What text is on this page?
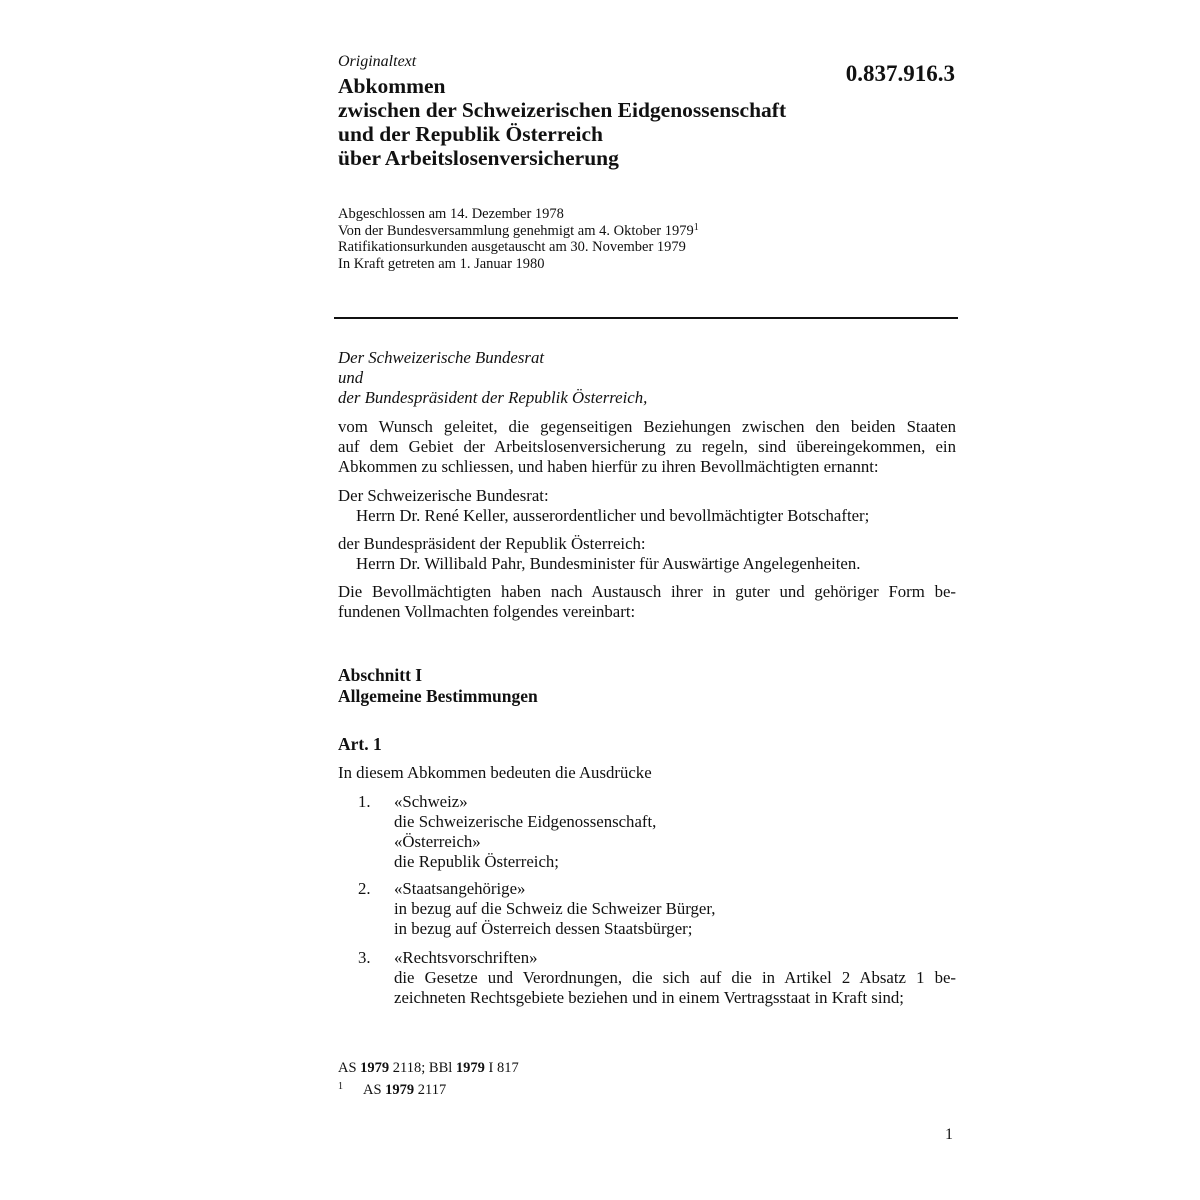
Originaltext	0.837.916.3

Abkommen
zwischen der Schweizerischen Eidgenossenschaft
und der Republik Österreich
über Arbeitslosenversicherung
Abgeschlossen am 14. Dezember 1978
Von der Bundesversammlung genehmigt am 4. Oktober 1979$^1$
Ratifikationsurkunden ausgetauscht am 30. November 1979
In Kraft getreten am 1. Januar 1980
Der Schweizerische Bundesrat
und
der Bundespräsident der Republik Österreich,
vom Wunsch geleitet, die gegenseitigen Beziehungen zwischen den beiden Staaten
auf dem Gebiet der Arbeitslosenversicherung zu regeln, sind übereingekommen, ein
Abkommen zu schliessen, und haben hierfür zu ihren Bevollmächtigten ernannt:
Der Schweizerische Bundesrat:
Herrn Dr. René Keller, ausserordentlicher und bevollmächtigter Botschafter;
der Bundespräsident der Republik Österreich:
Herrn Dr. Willibald Pahr, Bundesminister für Auswärtige Angelegenheiten.
Die Bevollmächtigten haben nach Austausch ihrer in guter und gehöriger Form be-
fundenen Vollmachten folgendes vereinbart:
Abschnitt I
Allgemeine Bestimmungen
Art. 1
In diesem Abkommen bedeuten die Ausdrücke
1. «Schweiz»
die Schweizerische Eidgenossenschaft,
«Österreich»
die Republik Österreich;
2. «Staatsangehörige»
in bezug auf die Schweiz die Schweizer Bürger,
in bezug auf Österreich dessen Staatsbürger;
3. «Rechtsvorschriften»
die Gesetze und Verordnungen, die sich auf die in Artikel 2 Absatz 1 be-
zeichneten Rechtsgebiete beziehen und in einem Vertragsstaat in Kraft sind;
AS 1979 2118; BBl 1979 I 817
$^1$ AS 1979 2117
1
